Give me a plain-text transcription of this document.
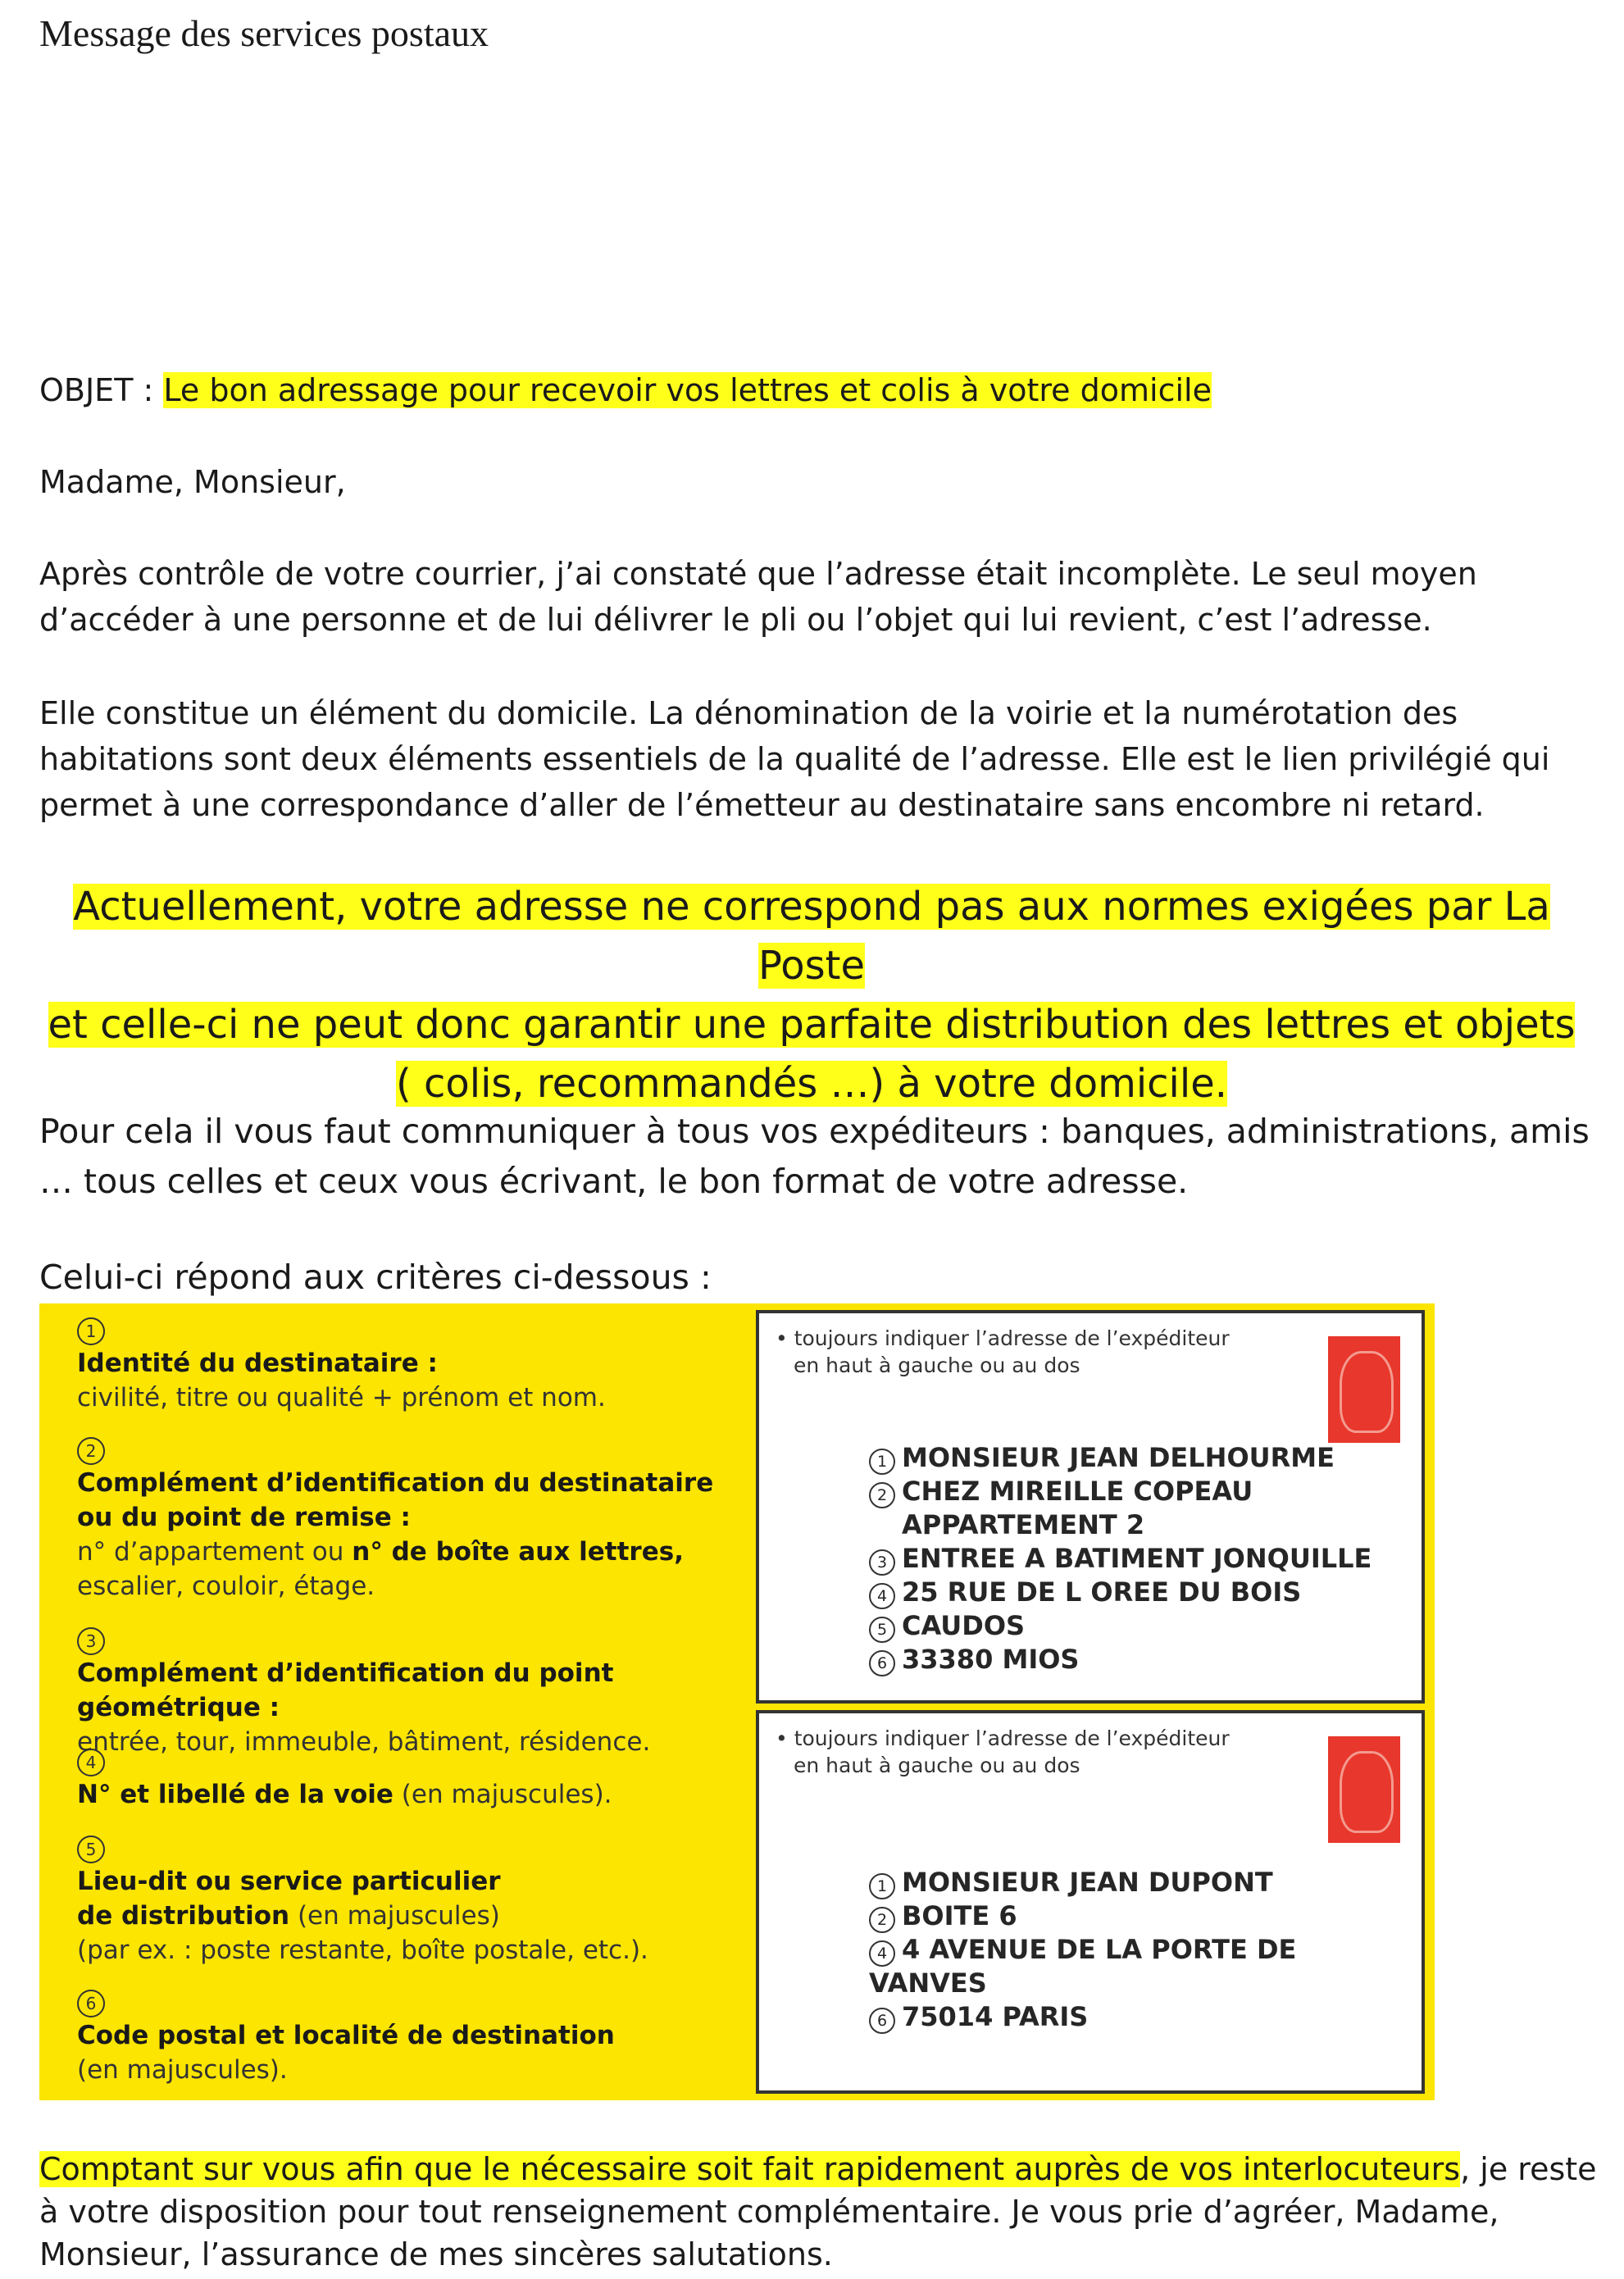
Message des services postaux
OBJET : Le bon adressage pour recevoir vos lettres et colis à votre domicile
Madame, Monsieur,
Après contrôle de votre courrier, j’ai constaté que l’adresse était incomplète. Le seul moyen d’accéder à une personne et de lui délivrer le pli ou l’objet qui lui revient, c’est l’adresse.
Elle constitue un élément du domicile. La dénomination de la voirie et la numérotation des habitations sont deux éléments essentiels de la qualité de l’adresse. Elle est le lien privilégié qui permet à une correspondance d’aller de l’émetteur au destinataire sans encombre ni retard.
Actuellement, votre adresse ne correspond pas aux normes exigées par La Poste
et celle-ci ne peut donc garantir une parfaite distribution des lettres et objets
( colis, recommandés …) à votre domicile.
Pour cela il vous faut communiquer à tous vos expéditeurs : banques, administrations, amis … tous celles et ceux vous écrivant, le bon format de votre adresse.
Celui-ci répond aux critères ci-dessous :
1
Identité du destinataire :
civilité, titre ou qualité + prénom et nom.
2
Complément d’identification du destinataire
ou du point de remise :
n° d’appartement ou n° de boîte aux lettres,
escalier, couloir, étage.
3
Complément d’identification du point géométrique :
entrée, tour, immeuble, bâtiment, résidence.
4
N° et libellé de la voie (en majuscules).
5
Lieu-dit ou service particulier
de distribution (en majuscules)
(par ex. : poste restante, boîte postale, etc.).
6
Code postal et localité de destination
(en majuscules).
• toujours indiquer l’adresse de l’expéditeur
en haut à gauche ou au dos
1 MONSIEUR JEAN DELHOURME
2 CHEZ MIREILLE COPEAU
APPARTEMENT 2
3 ENTREE A BATIMENT JONQUILLE
4 25 RUE DE L OREE DU BOIS
5 CAUDOS
6 33380 MIOS
• toujours indiquer l’adresse de l’expéditeur
en haut à gauche ou au dos
1 MONSIEUR JEAN DUPONT
2 BOITE 6
4 4 AVENUE DE LA PORTE DE VANVES
6 75014 PARIS
Comptant sur vous afin que le nécessaire soit fait rapidement auprès de vos interlocuteurs, je reste à votre disposition pour tout renseignement complémentaire. Je vous prie d’agréer, Madame, Monsieur, l’assurance de mes sincères salutations.
